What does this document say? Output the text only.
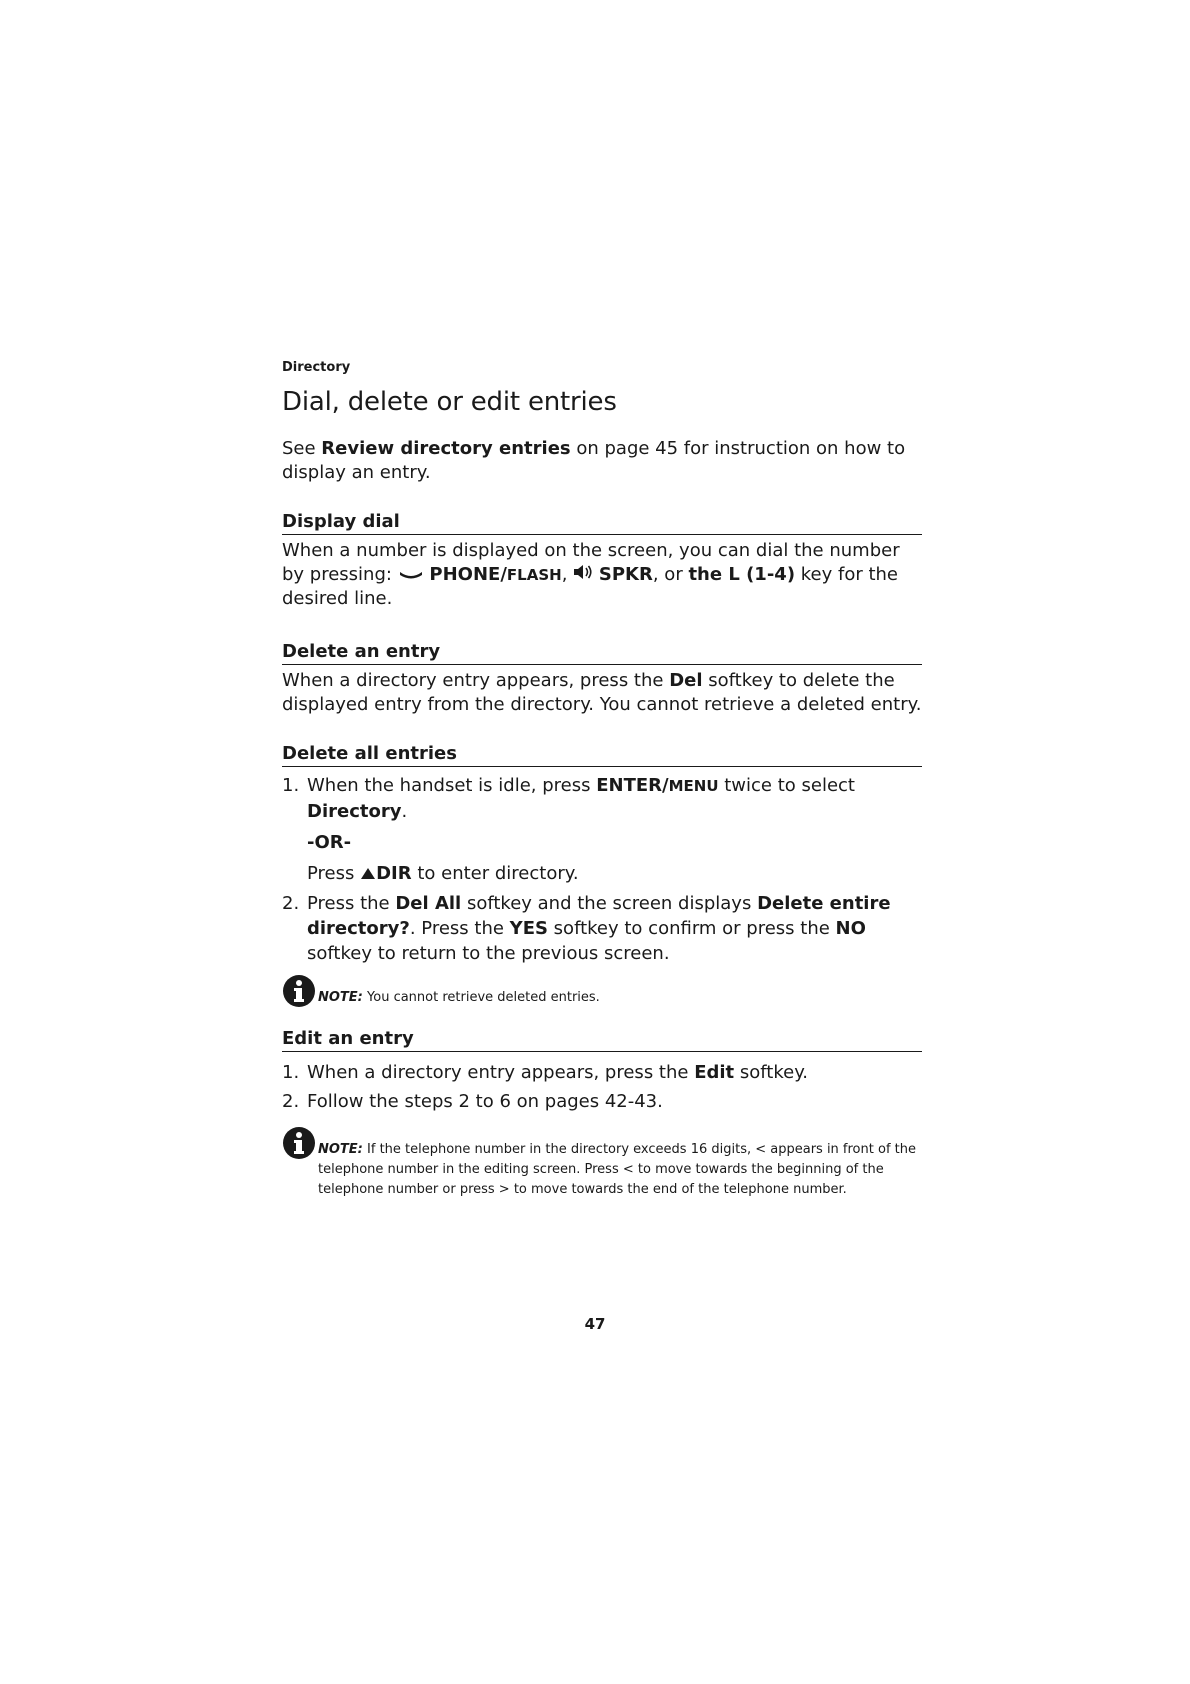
Directory

Dial, delete or edit entries

See Review directory entries on page 45 for instruction on how to display an entry.

Display dial

When a number is displayed on the screen, you can dial the number by pressing:  PHONE/FLASH,  SPKR, or the L (1-4) key for the desired line.

Delete an entry

When a directory entry appears, press the Del softkey to delete the displayed entry from the directory. You cannot retrieve a deleted entry.

Delete all entries
1. When the handset is idle, press ENTER/MENU twice to select Directory.
-OR-
Press DIR to enter directory.
2. Press the Del All softkey and the screen displays Delete entire directory?. Press the YES softkey to confirm or press the NO softkey to return to the previous screen.
NOTE: You cannot retrieve deleted entries.
Edit an entry
1. When a directory entry appears, press the Edit softkey.
2. Follow the steps 2 to 6 on pages 42-43.
NOTE: If the telephone number in the directory exceeds 16 digits, < appears in front of the telephone number in the editing screen. Press < to move towards the beginning of the telephone number or press > to move towards the end of the telephone number.
47
